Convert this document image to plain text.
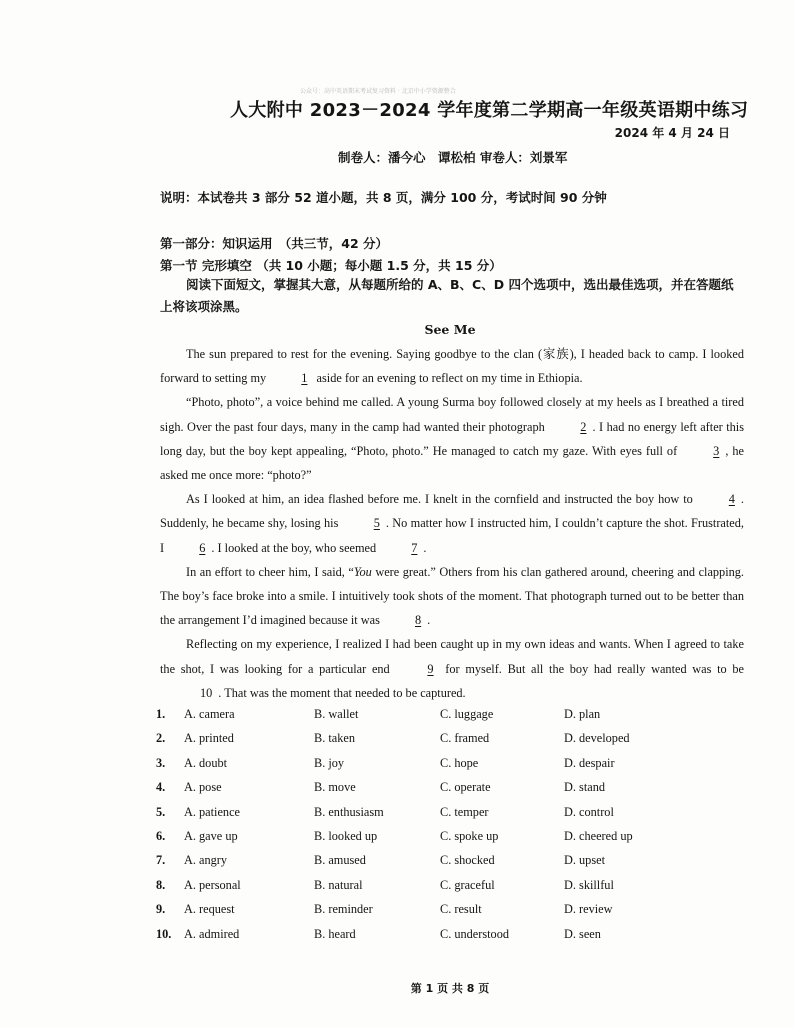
公众号：高中英语期末考试复习资料 · 北京中小学资源整合
人大附中 2023－2024 学年度第二学期高一年级英语期中练习
2024 年 4 月 24 日
制卷人：潘今心　谭松柏 审卷人：刘景军
说明：本试卷共 3 部分 52 道小题，共 8 页，满分 100 分，考试时间 90 分钟
第一部分：知识运用　（共三节，42 分）
第一节 完形填空 （共 10 小题；每小题 1.5 分，共 15 分）
阅读下面短文，掌握其大意，从每题所给的 A、B、C、D 四个选项中，选出最佳选项，并在答题纸上将该项涂黑。
See Me

The sun prepared to rest for the evening. Saying goodbye to the clan (家族), I headed back to camp. I looked forward to setting my	1 aside for an evening to reflect on my time in Ethiopia.

“Photo, photo”, a voice behind me called. A young Surma boy followed closely at my heels as I breathed a tired sigh. Over the past four days, many in the camp had wanted their photograph	2 . I had no energy left after this long day, but the boy kept appealing, “Photo, photo.” He managed to catch my gaze. With eyes full of	3 , he asked me once more: “photo?”

As I looked at him, an idea flashed before me. I knelt in the cornfield and instructed the boy how to	4 . Suddenly, he became shy, losing his	5 . No matter how I instructed him, I couldn’t capture the shot. Frustrated, I	6 . I looked at the boy, who seemed	7 .

In an effort to cheer him, I said, “You were great.” Others from his clan gathered around, cheering and clapping. The boy’s face broke into a smile. I intuitively took shots of the moment. That photograph turned out to be better than the arrangement I’d imagined because it was	8 .

Reflecting on my experience, I realized I had been caught up in my own ideas and wants. When I agreed to take the shot, I was looking for a particular end	9 for myself. But all the boy had really wanted was to be 10 . That was the moment that needed to be captured.

1. A. camera	B. wallet	C. luggage	D. plan
2. A. printed	B. taken	C. framed	D. developed
3. A. doubt	B. joy	C. hope	D. despair
4. A. pose	B. move	C. operate	D. stand
5. A. patience	B. enthusiasm	C. temper	D. control
6. A. gave up	B. looked up	C. spoke up	D. cheered up
7. A. angry	B. amused	C. shocked	D. upset
8. A. personal	B. natural	C. graceful	D. skillful
9. A. request	B. reminder	C. result	D. review
10. A. admired	B. heard	C. understood	D. seen
第 1 页 共 8 页
